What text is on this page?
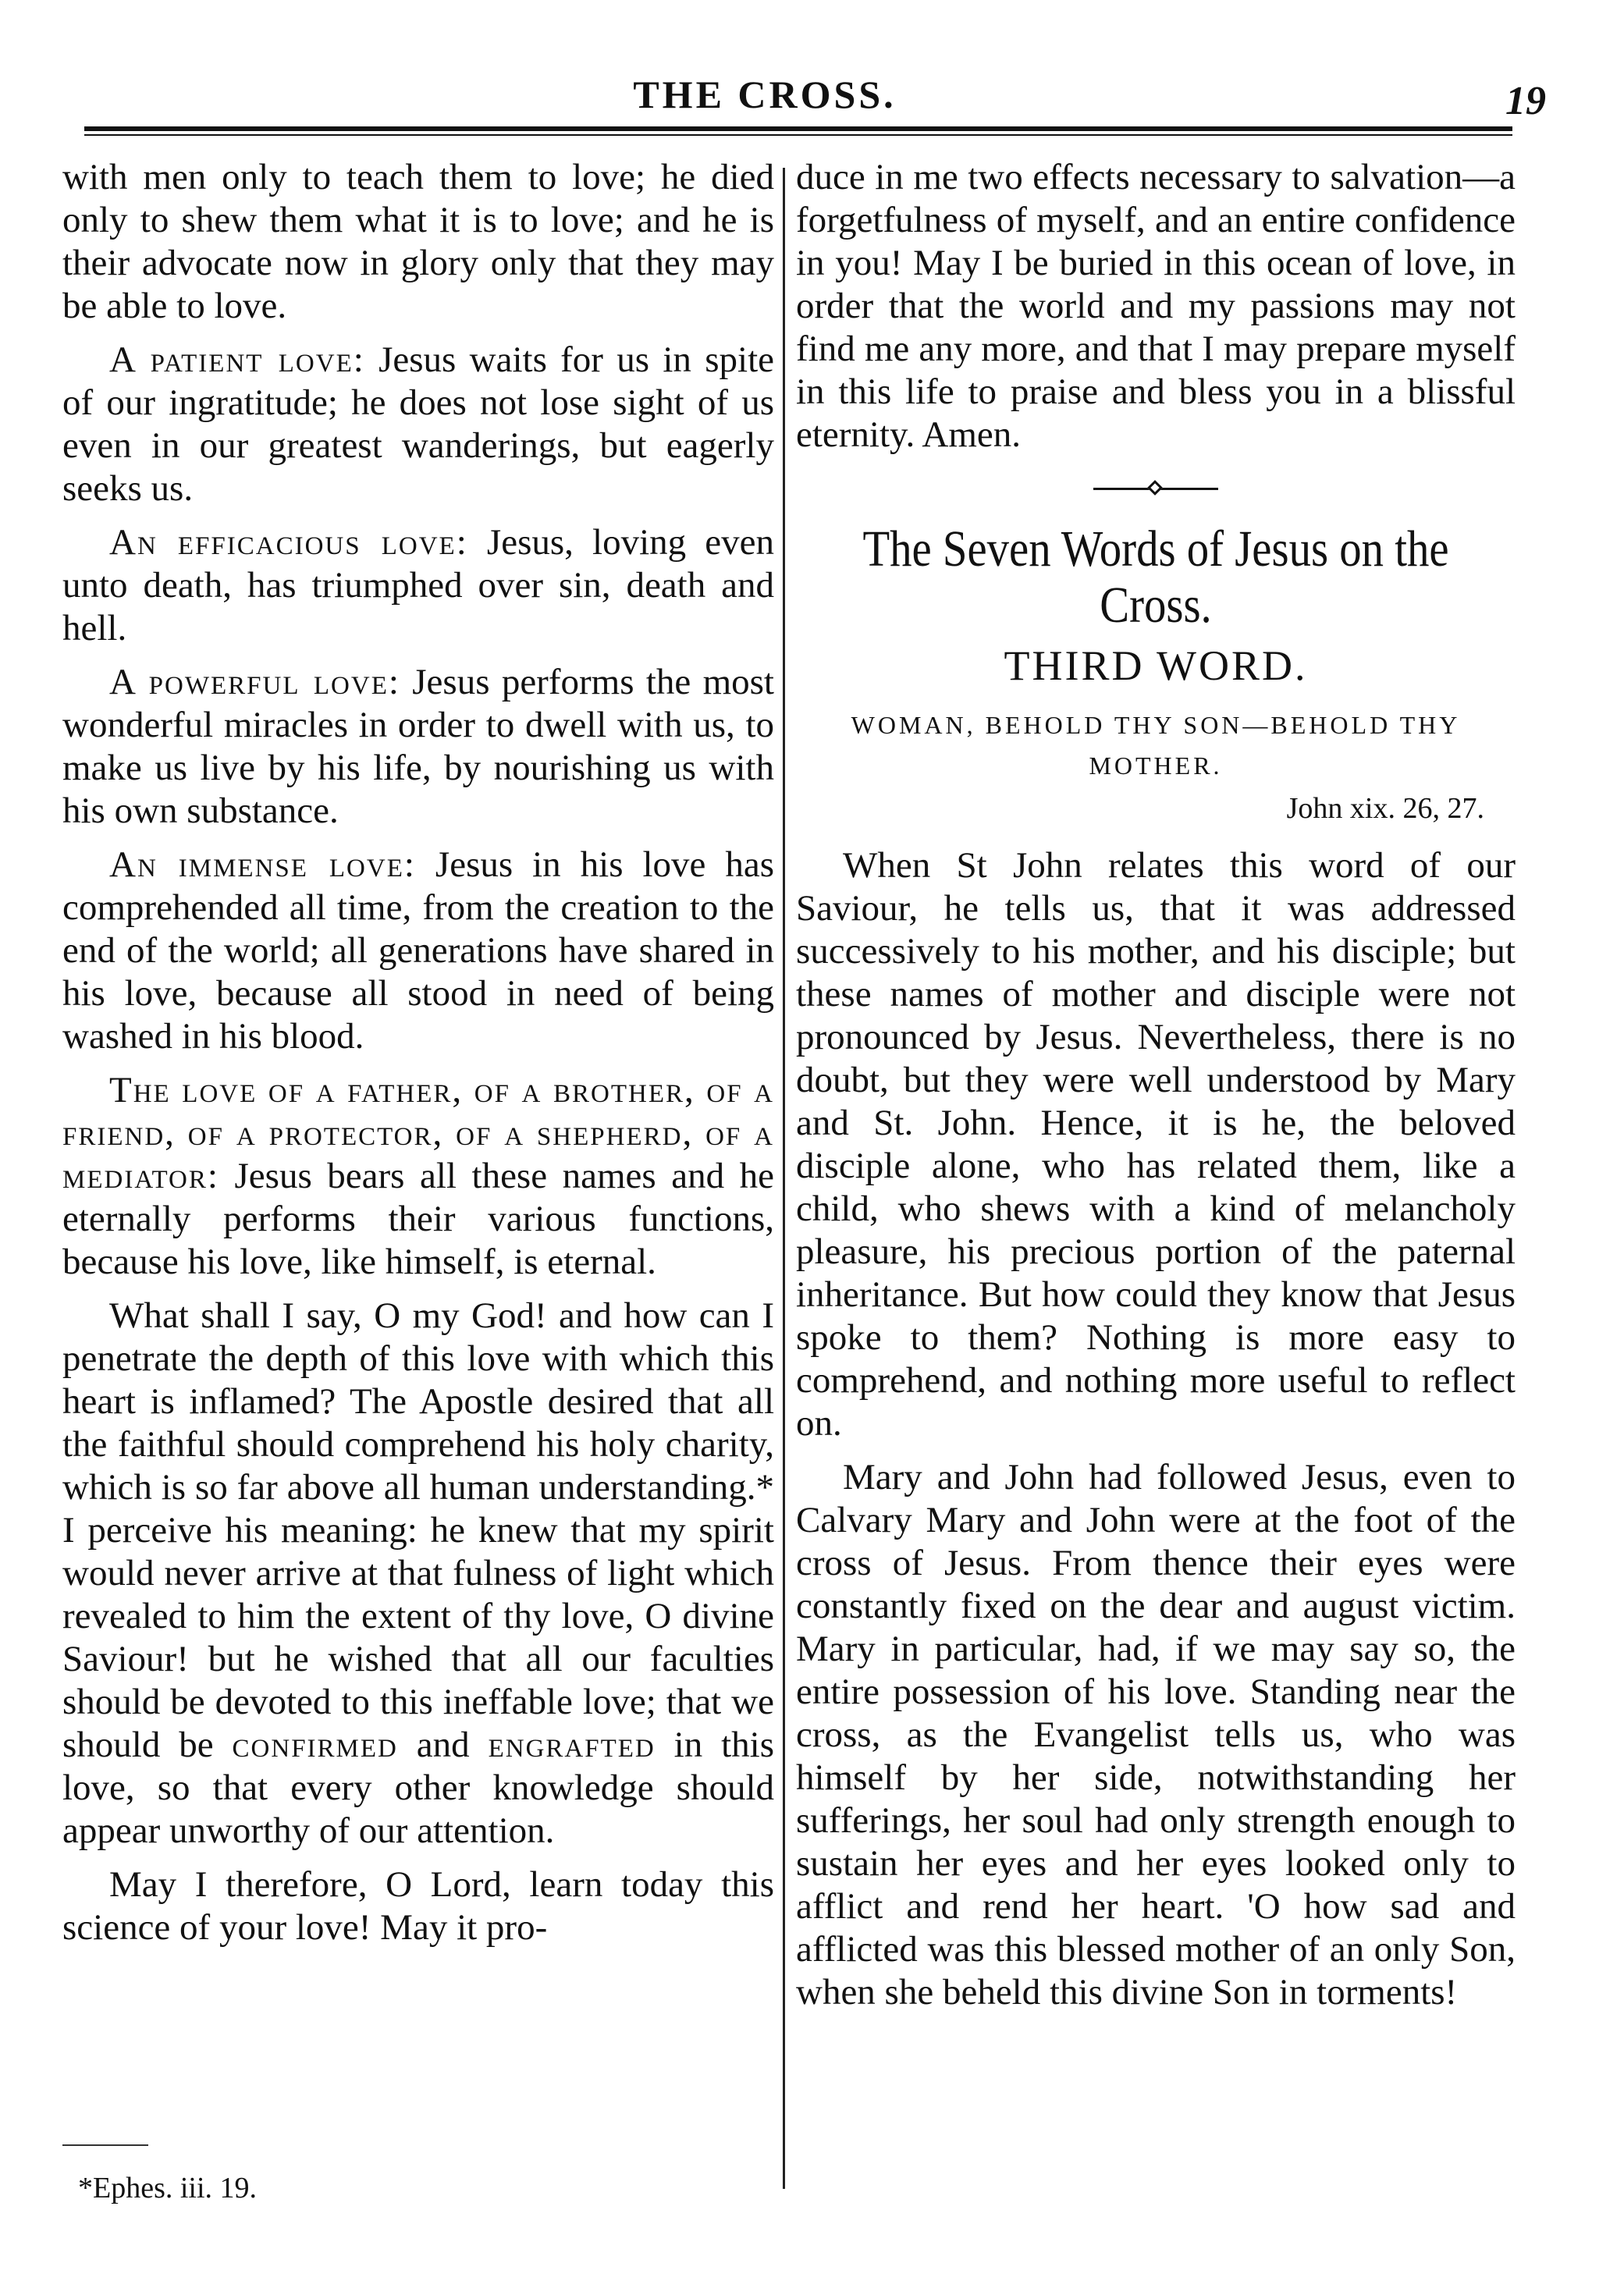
THE CROSS.	19

with men only to teach them to love; he died only to shew them what it is to love; and he is their advocate now in glory only that they may be able to love.

A patient love: Jesus waits for us in spite of our ingratitude; he does not lose sight of us even in our greatest wanderings, but eagerly seeks us.

An efficacious love: Jesus, loving even unto death, has triumphed over sin, death and hell.

A powerful love: Jesus performs the most wonderful miracles in order to dwell with us, to make us live by his life, by nourishing us with his own substance.

An immense love: Jesus in his love has comprehended all time, from the creation to the end of the world; all generations have shared in his love, because all stood in need of being washed in his blood.

The love of a father, of a brother, of a friend, of a protector, of a shepherd, of a mediator: Jesus bears all these names and he eternally performs their various functions, because his love, like himself, is eternal.

What shall I say, O my God! and how can I penetrate the depth of this love with which this heart is inflamed? The Apostle desired that all the faithful should comprehend his holy charity, which is so far above all human understanding.* I perceive his meaning: he knew that my spirit would never arrive at that fulness of light which revealed to him the extent of thy love, O divine Saviour! but he wished that all our faculties should be devoted to this ineffable love; that we should be confirmed and engrafted in this love, so that every other knowledge should appear unworthy of our attention.

May I therefore, O Lord, learn today this science of your love! May it pro-

*Ephes. iii. 19.

duce in me two effects necessary to salvation—a forgetfulness of myself, and an entire confidence in you! May I be buried in this ocean of love, in order that the world and my passions may not find me any more, and that I may prepare myself in this life to praise and bless you in a blissful eternity. Amen.

The Seven Words of Jesus on the Cross.
THIRD WORD.
WOMAN, BEHOLD THY SON—BEHOLD THY MOTHER.
John xix. 26, 27.

When St John relates this word of our Saviour, he tells us, that it was addressed successively to his mother, and his disciple; but these names of mother and disciple were not pronounced by Jesus. Nevertheless, there is no doubt, but they were well understood by Mary and St. John. Hence, it is he, the beloved disciple alone, who has related them, like a child, who shews with a kind of melancholy pleasure, his precious portion of the paternal inheritance. But how could they know that Jesus spoke to them? Nothing is more easy to comprehend, and nothing more useful to reflect on.

Mary and John had followed Jesus, even to Calvary Mary and John were at the foot of the cross of Jesus. From thence their eyes were constantly fixed on the dear and august victim. Mary in particular, had, if we may say so, the entire possession of his love. Standing near the cross, as the Evangelist tells us, who was himself by her side, notwithstanding her sufferings, her soul had only strength enough to sustain her eyes and her eyes looked only to afflict and rend her heart. 'O how sad and afflicted was this blessed mother of an only Son, when she beheld this divine Son in torments!
